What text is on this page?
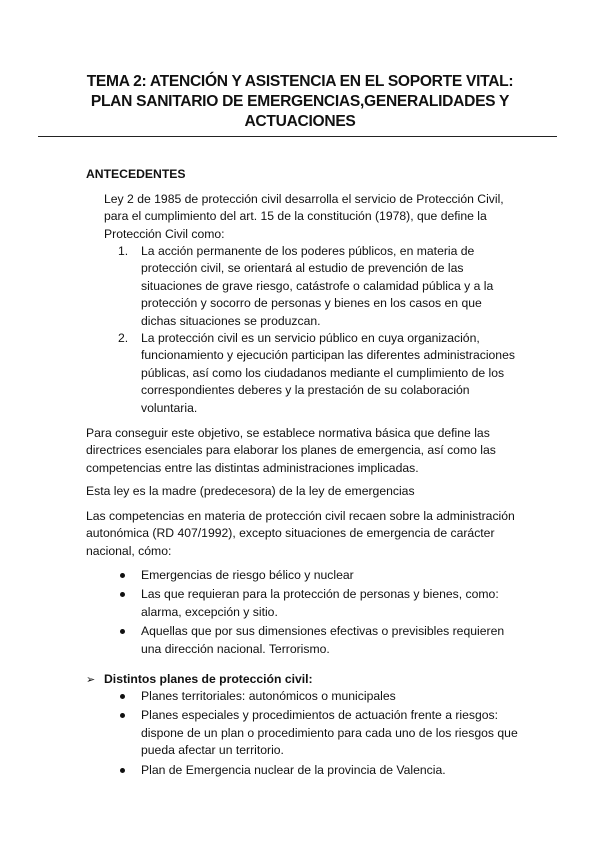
TEMA 2: ATENCIÓN Y ASISTENCIA EN EL SOPORTE VITAL:
PLAN SANITARIO DE EMERGENCIAS,GENERALIDADES Y
ACTUACIONES
ANTECEDENTES

Ley 2 de 1985 de protección civil desarrolla el servicio de Protección Civil, para el cumplimiento del art. 15 de la constitución (1978), que define la Protección Civil como:

1. La acción permanente de los poderes públicos, en materia de protección civil, se orientará al estudio de prevención de las situaciones de grave riesgo, catástrofe o calamidad pública y a la protección y socorro de personas y bienes en los casos en que dichas situaciones se produzcan.
2. La protección civil es un servicio público en cuya organización, funcionamiento y ejecución participan las diferentes administraciones públicas, así como los ciudadanos mediante el cumplimiento de los correspondientes deberes y la prestación de su colaboración voluntaria.

Para conseguir este objetivo, se establece normativa básica que define las directrices esenciales para elaborar los planes de emergencia, así como las competencias entre las distintas administraciones implicadas.

Esta ley es la madre (predecesora) de la ley de emergencias

Las competencias en materia de protección civil recaen sobre la administración autonómica (RD 407/1992), excepto situaciones de emergencia de carácter nacional, cómo:

Emergencias de riesgo bélico y nuclear
Las que requieran para la protección de personas y bienes, como: alarma, excepción y sitio.
Aquellas que por sus dimensiones efectivas o previsibles requieren una dirección nacional. Terrorismo.
➢ Distintos planes de protección civil:
Planes territoriales: autonómicos o municipales
Planes especiales y procedimientos de actuación frente a riesgos: dispone de un plan o procedimiento para cada uno de los riesgos que pueda afectar un territorio.
Plan de Emergencia nuclear de la provincia de Valencia.
